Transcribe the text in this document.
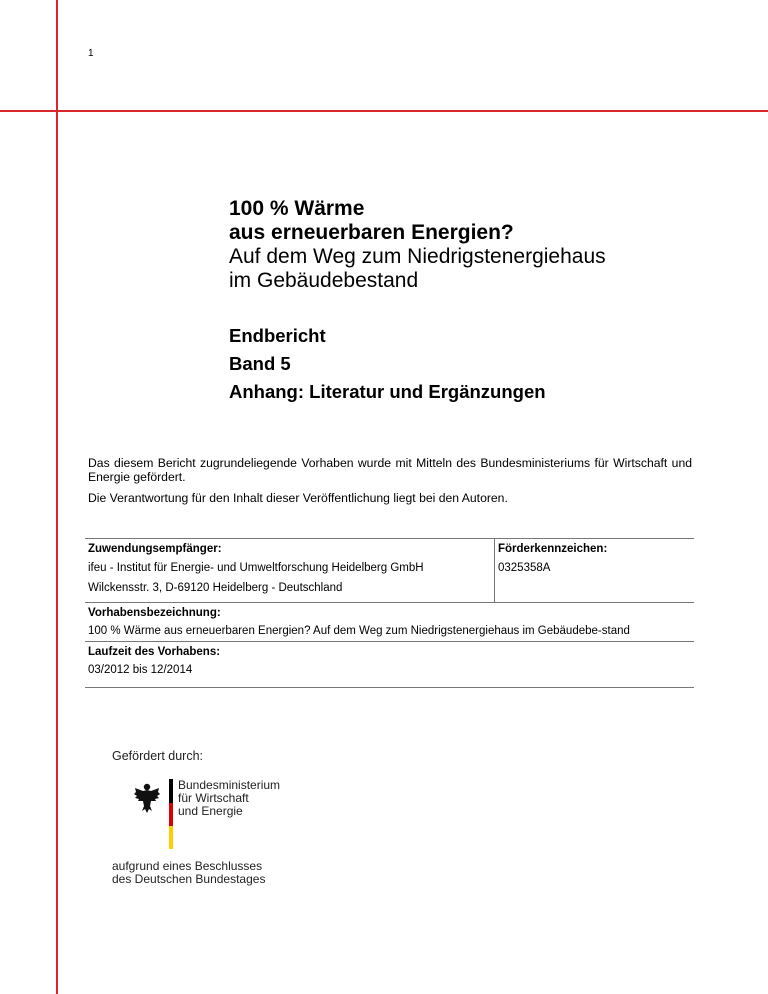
1

100 % Wärme

aus erneuerbaren Energien?

Auf dem Weg zum Niedrigstenergiehaus

im Gebäudebestand

Endbericht
Band 5
Anhang: Literatur und Ergänzungen

Das diesem Bericht zugrundeliegende Vorhaben wurde mit Mitteln des Bundesministeriums für Wirtschaft und Energie gefördert.

Die Verantwortung für den Inhalt dieser Veröffentlichung liegt bei den Autoren.

Zuwendungsempfänger:
ifeu - Institut für Energie- und Umweltforschung Heidelberg GmbH
Wilckensstr. 3, D-69120 Heidelberg - Deutschland
Förderkennzeichen:
0325358A
Vorhabensbezeichnung:
100 % Wärme aus erneuerbaren Energien? Auf dem Weg zum Niedrigstenergiehaus im Gebäudebe-stand
Laufzeit des Vorhabens:
03/2012 bis 12/2014
Gefördert durch:
Bundesministerium
für Wirtschaft
und Energie
aufgrund eines Beschlusses
des Deutschen Bundestages
